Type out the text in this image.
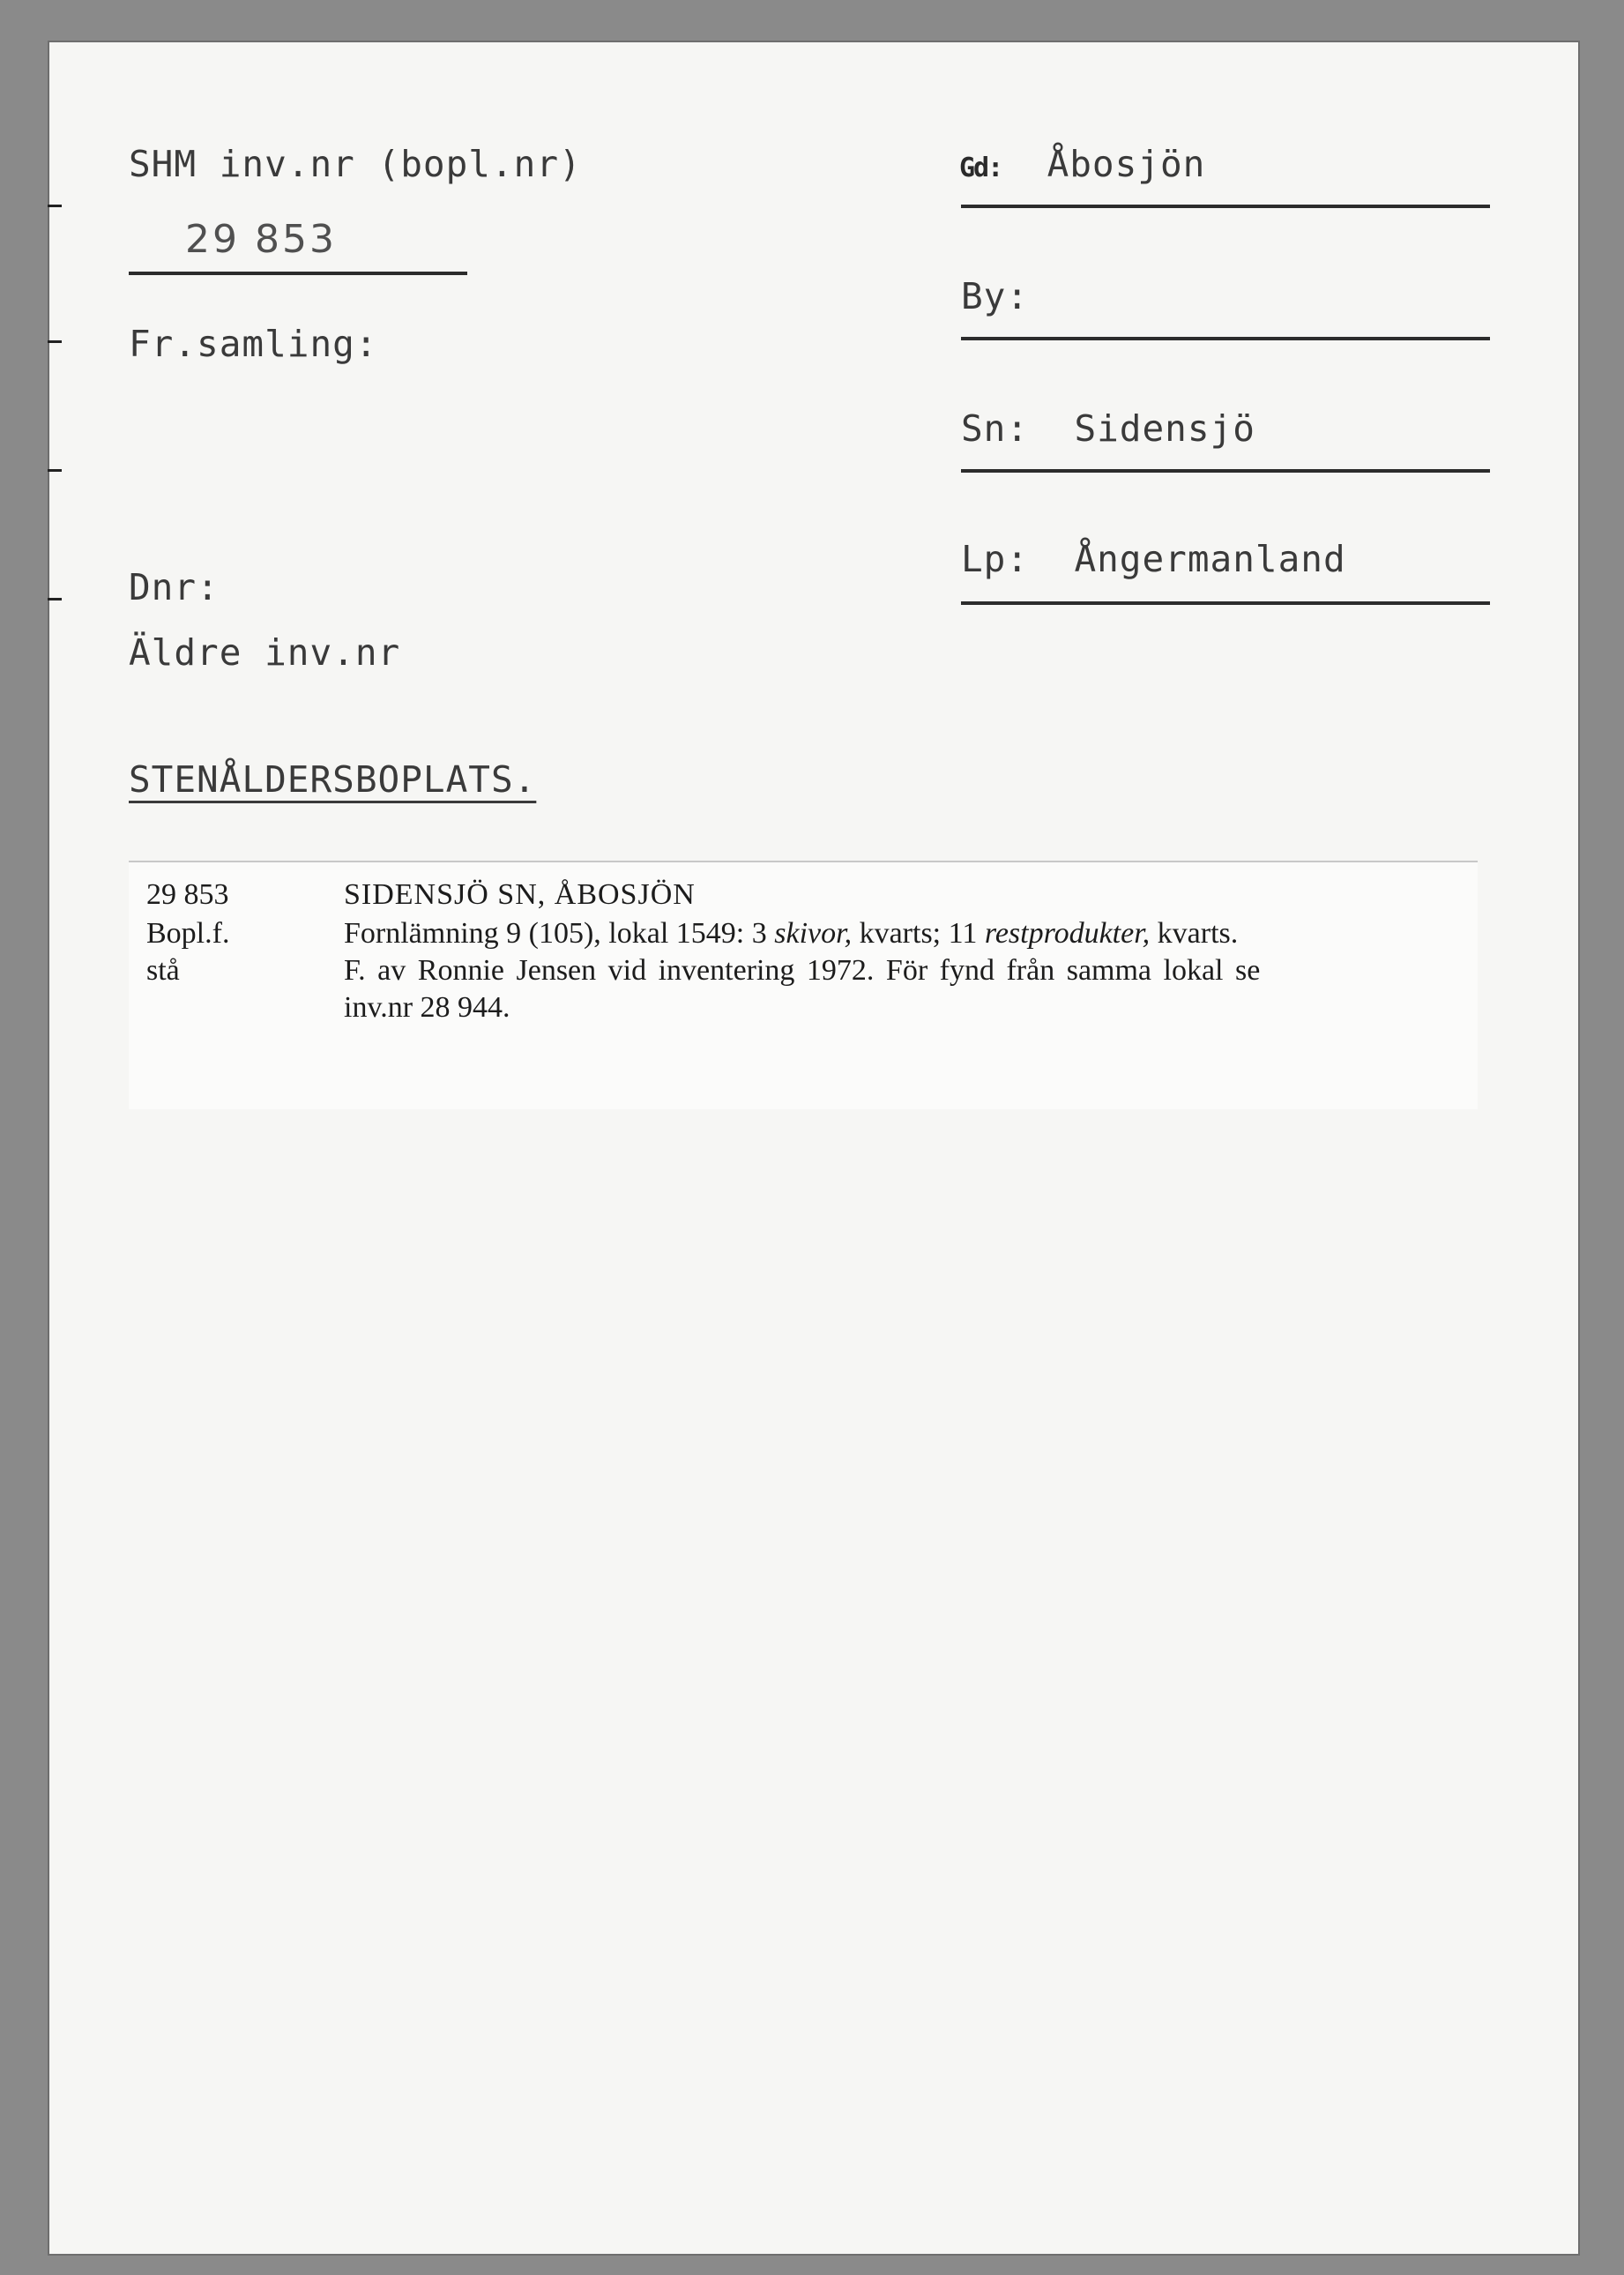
SHM inv.nr (bopl.nr)
29 853
Fr.samling:
Dnr:
Äldre inv.nr
STENÅLDERSBOPLATS.
Gd: Åbosjön
By:
Sn: Sidensjö
Lp: Ångermanland
29 853
Bopl.f.
stå
SIDENSJÖ SN, ÅBOSJÖN
Fornlämning 9 (105), lokal 1549: 3 skivor, kvarts; 11 restprodukter, kvarts.
F. av Ronnie Jensen vid inventering 1972. För fynd från samma lokal se
inv.nr 28 944.
